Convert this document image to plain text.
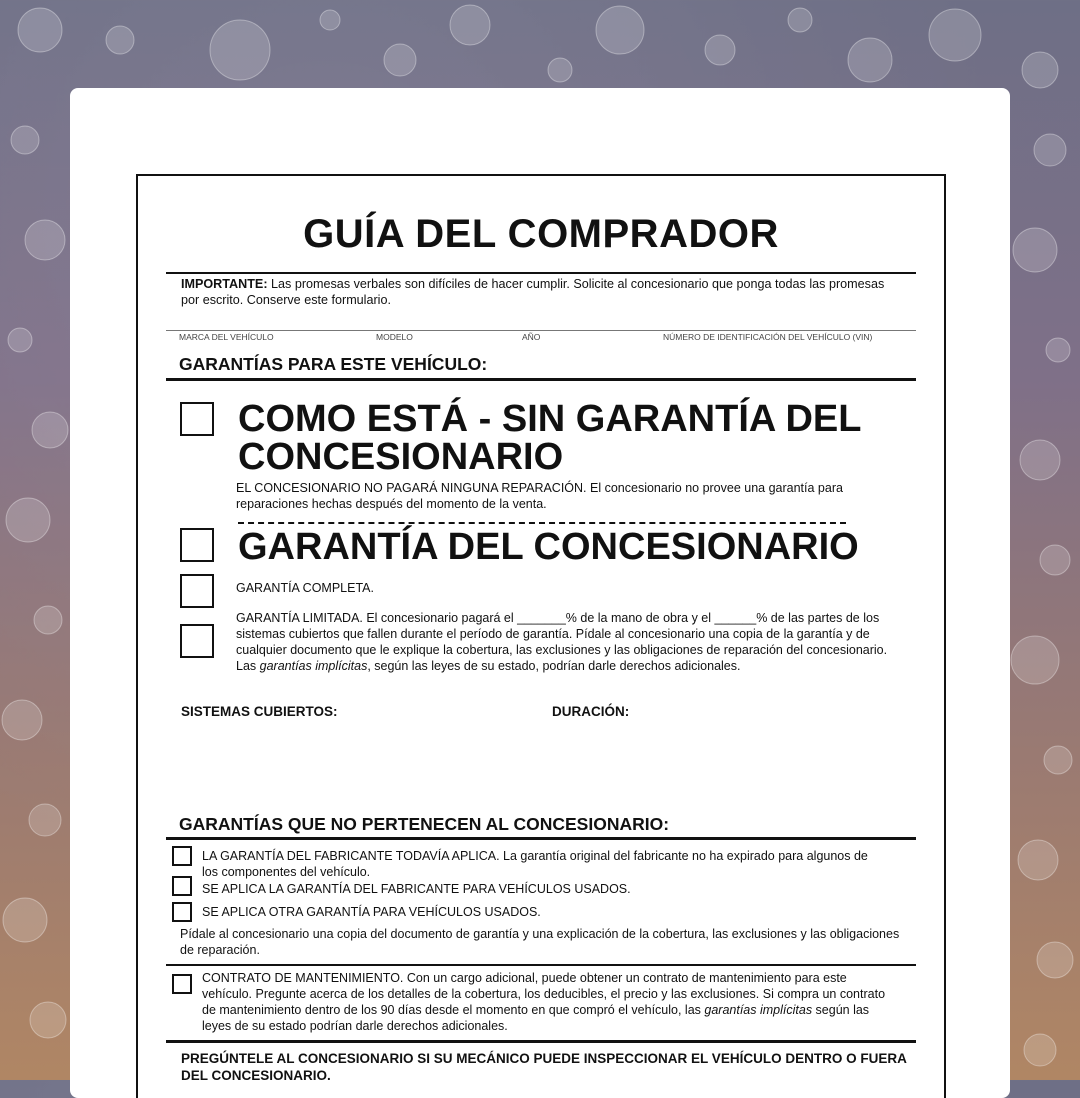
GUÍA DEL COMPRADOR
IMPORTANTE: Las promesas verbales son difíciles de hacer cumplir. Solicite al concesionario que ponga todas las promesas por escrito. Conserve este formulario.
MARCA DEL VEHÍCULO	MODELO	AÑO	NÚMERO DE IDENTIFICACIÓN DEL VEHÍCULO (VIN)
GARANTÍAS PARA ESTE VEHÍCULO:
COMO ESTÁ - SIN GARANTÍA DEL CONCESIONARIO
EL CONCESIONARIO NO PAGARÁ NINGUNA REPARACIÓN. El concesionario no provee una garantía para reparaciones hechas después del momento de la venta.
GARANTÍA DEL CONCESIONARIO
GARANTÍA COMPLETA.
GARANTÍA LIMITADA. El concesionario pagará el _______% de la mano de obra y el ______% de las partes de los sistemas cubiertos que fallen durante el período de garantía. Pídale al concesionario una copia de la garantía y de cualquier documento que le explique la cobertura, las exclusiones y las obligaciones de reparación del concesionario. Las garantías implícitas, según las leyes de su estado, podrían darle derechos adicionales.
SISTEMAS CUBIERTOS:	DURACIÓN:
GARANTÍAS QUE NO PERTENECEN AL CONCESIONARIO:
LA GARANTÍA DEL FABRICANTE TODAVÍA APLICA. La garantía original del fabricante no ha expirado para algunos de los componentes del vehículo.
SE APLICA LA GARANTÍA DEL FABRICANTE PARA VEHÍCULOS USADOS.
SE APLICA OTRA GARANTÍA PARA VEHÍCULOS USADOS.
Pídale al concesionario una copia del documento de garantía y una explicación de la cobertura, las exclusiones y las obligaciones de reparación.
CONTRATO DE MANTENIMIENTO. Con un cargo adicional, puede obtener un contrato de mantenimiento para este vehículo. Pregunte acerca de los detalles de la cobertura, los deducibles, el precio y las exclusiones. Si compra un contrato de mantenimiento dentro de los 90 días desde el momento en que compró el vehículo, las garantías implícitas según las leyes de su estado podrían darle derechos adicionales.
PREGÚNTELE AL CONCESIONARIO SI SU MECÁNICO PUEDE INSPECCIONAR EL VEHÍCULO DENTRO O FUERA DEL CONCESIONARIO.
